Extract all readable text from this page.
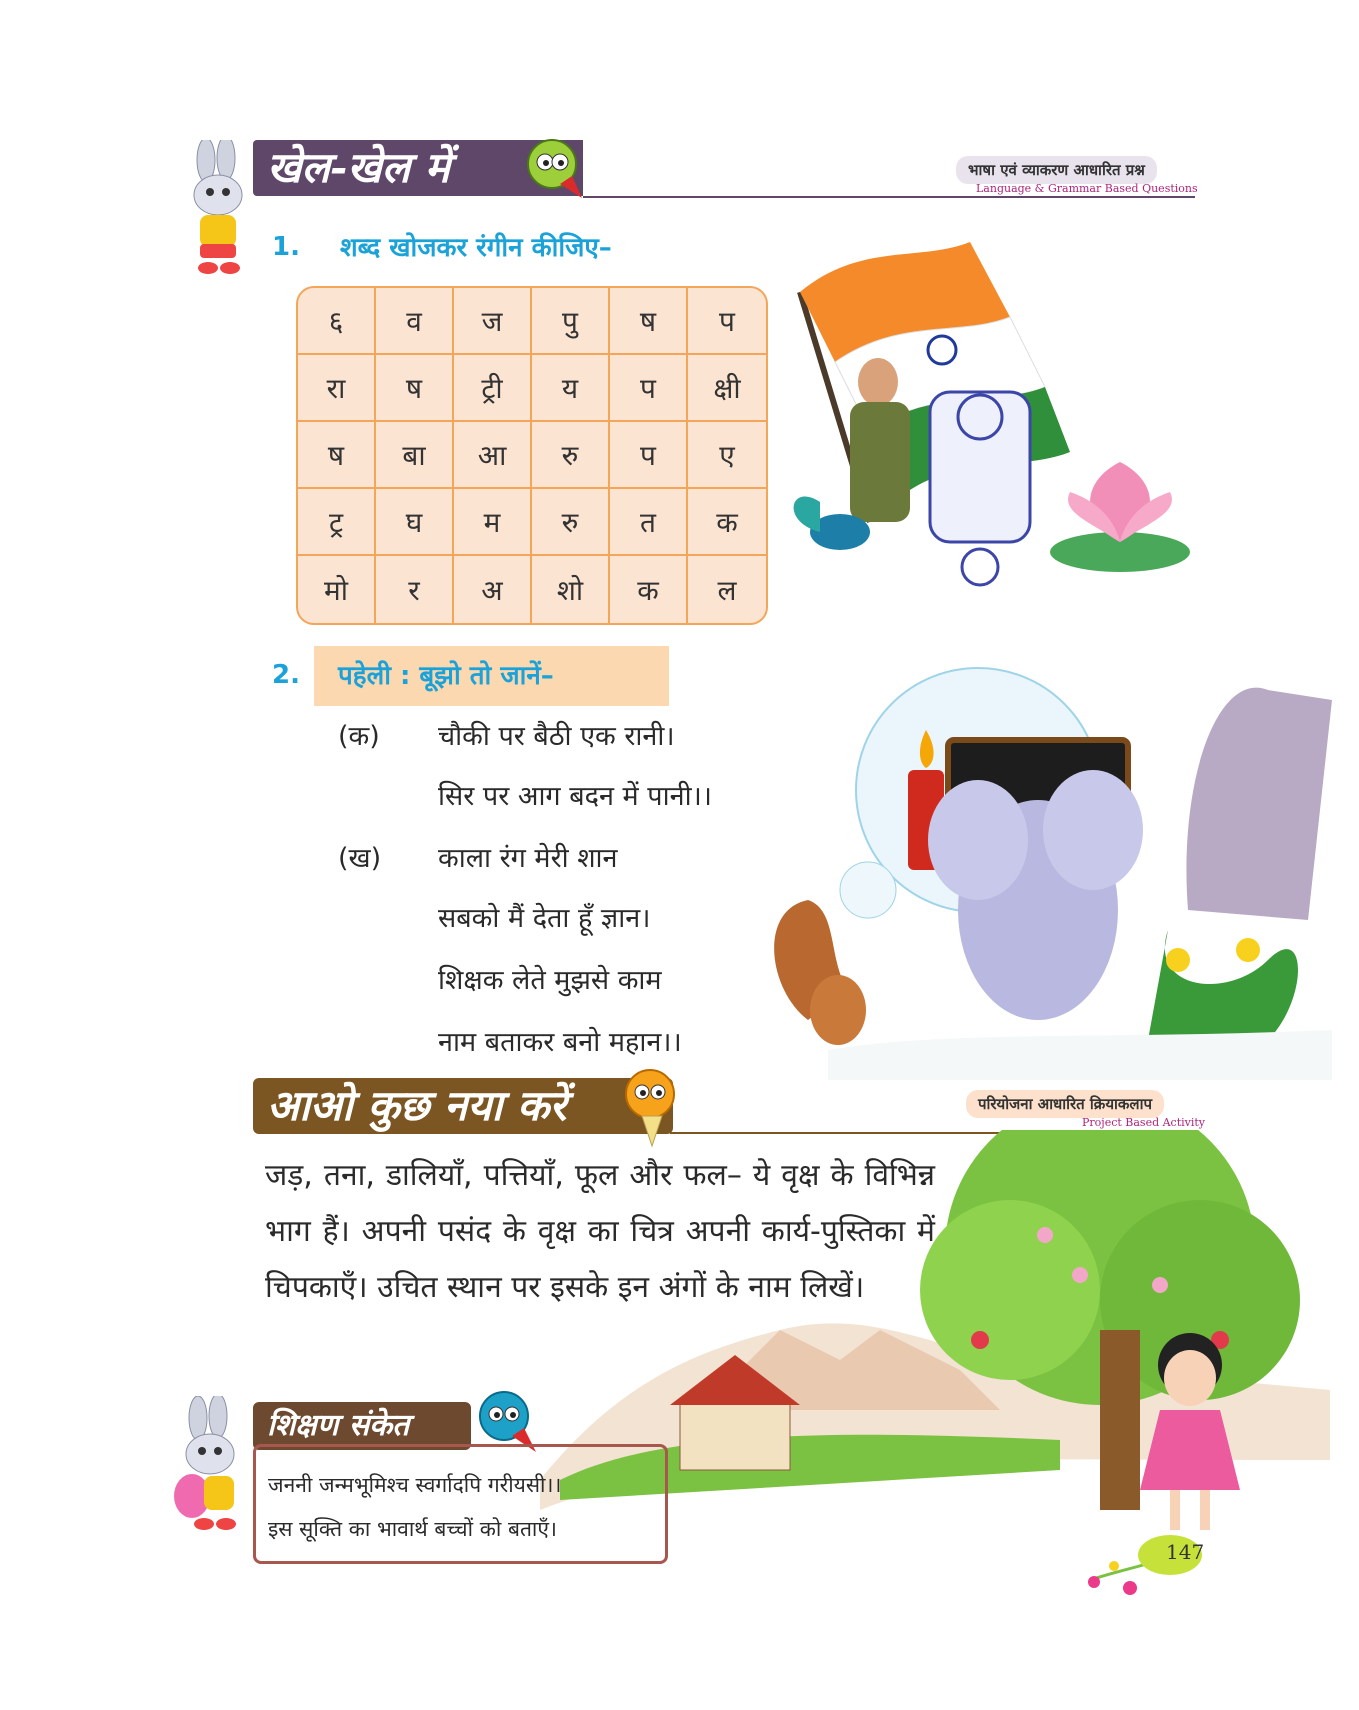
खेल-खेल में	भाषा एवं व्याकरण आधारित प्रश्न
Language & Grammar Based Questions
1. शब्द खोजकर रंगीन कीजिए–
६	व	ज	पु	ष	प
रा	ष	ट्री	य	प	क्षी
ष	बा	आ	रु	प	ए
ट्र	घ	म	रु	त	क
मो	र	अ	शो	क	ल
2. पहेली : बूझो तो जानें–
(क) चौकी पर बैठी एक रानी।
सिर पर आग बदन में पानी।।
(ख) काला रंग मेरी शान
सबको मैं देता हूँ ज्ञान।
शिक्षक लेते मुझसे काम
नाम बताकर बनो महान।।
आओ कुछ नया करें	परियोजना आधारित क्रियाकलाप
Project Based Activity
जड़, तना, डालियाँ, पत्तियाँ, फूल और फल– ये वृक्ष के विभिन्न भाग हैं। अपनी पसंद के वृक्ष का चित्र अपनी कार्य-पुस्तिका में चिपकाएँ। उचित स्थान पर इसके इन अंगों के नाम लिखें।
शिक्षण संकेत
जननी जन्मभूमिश्च स्वर्गादपि गरीयसी।।
इस सूक्ति का भावार्थ बच्चों को बताएँ।
147
